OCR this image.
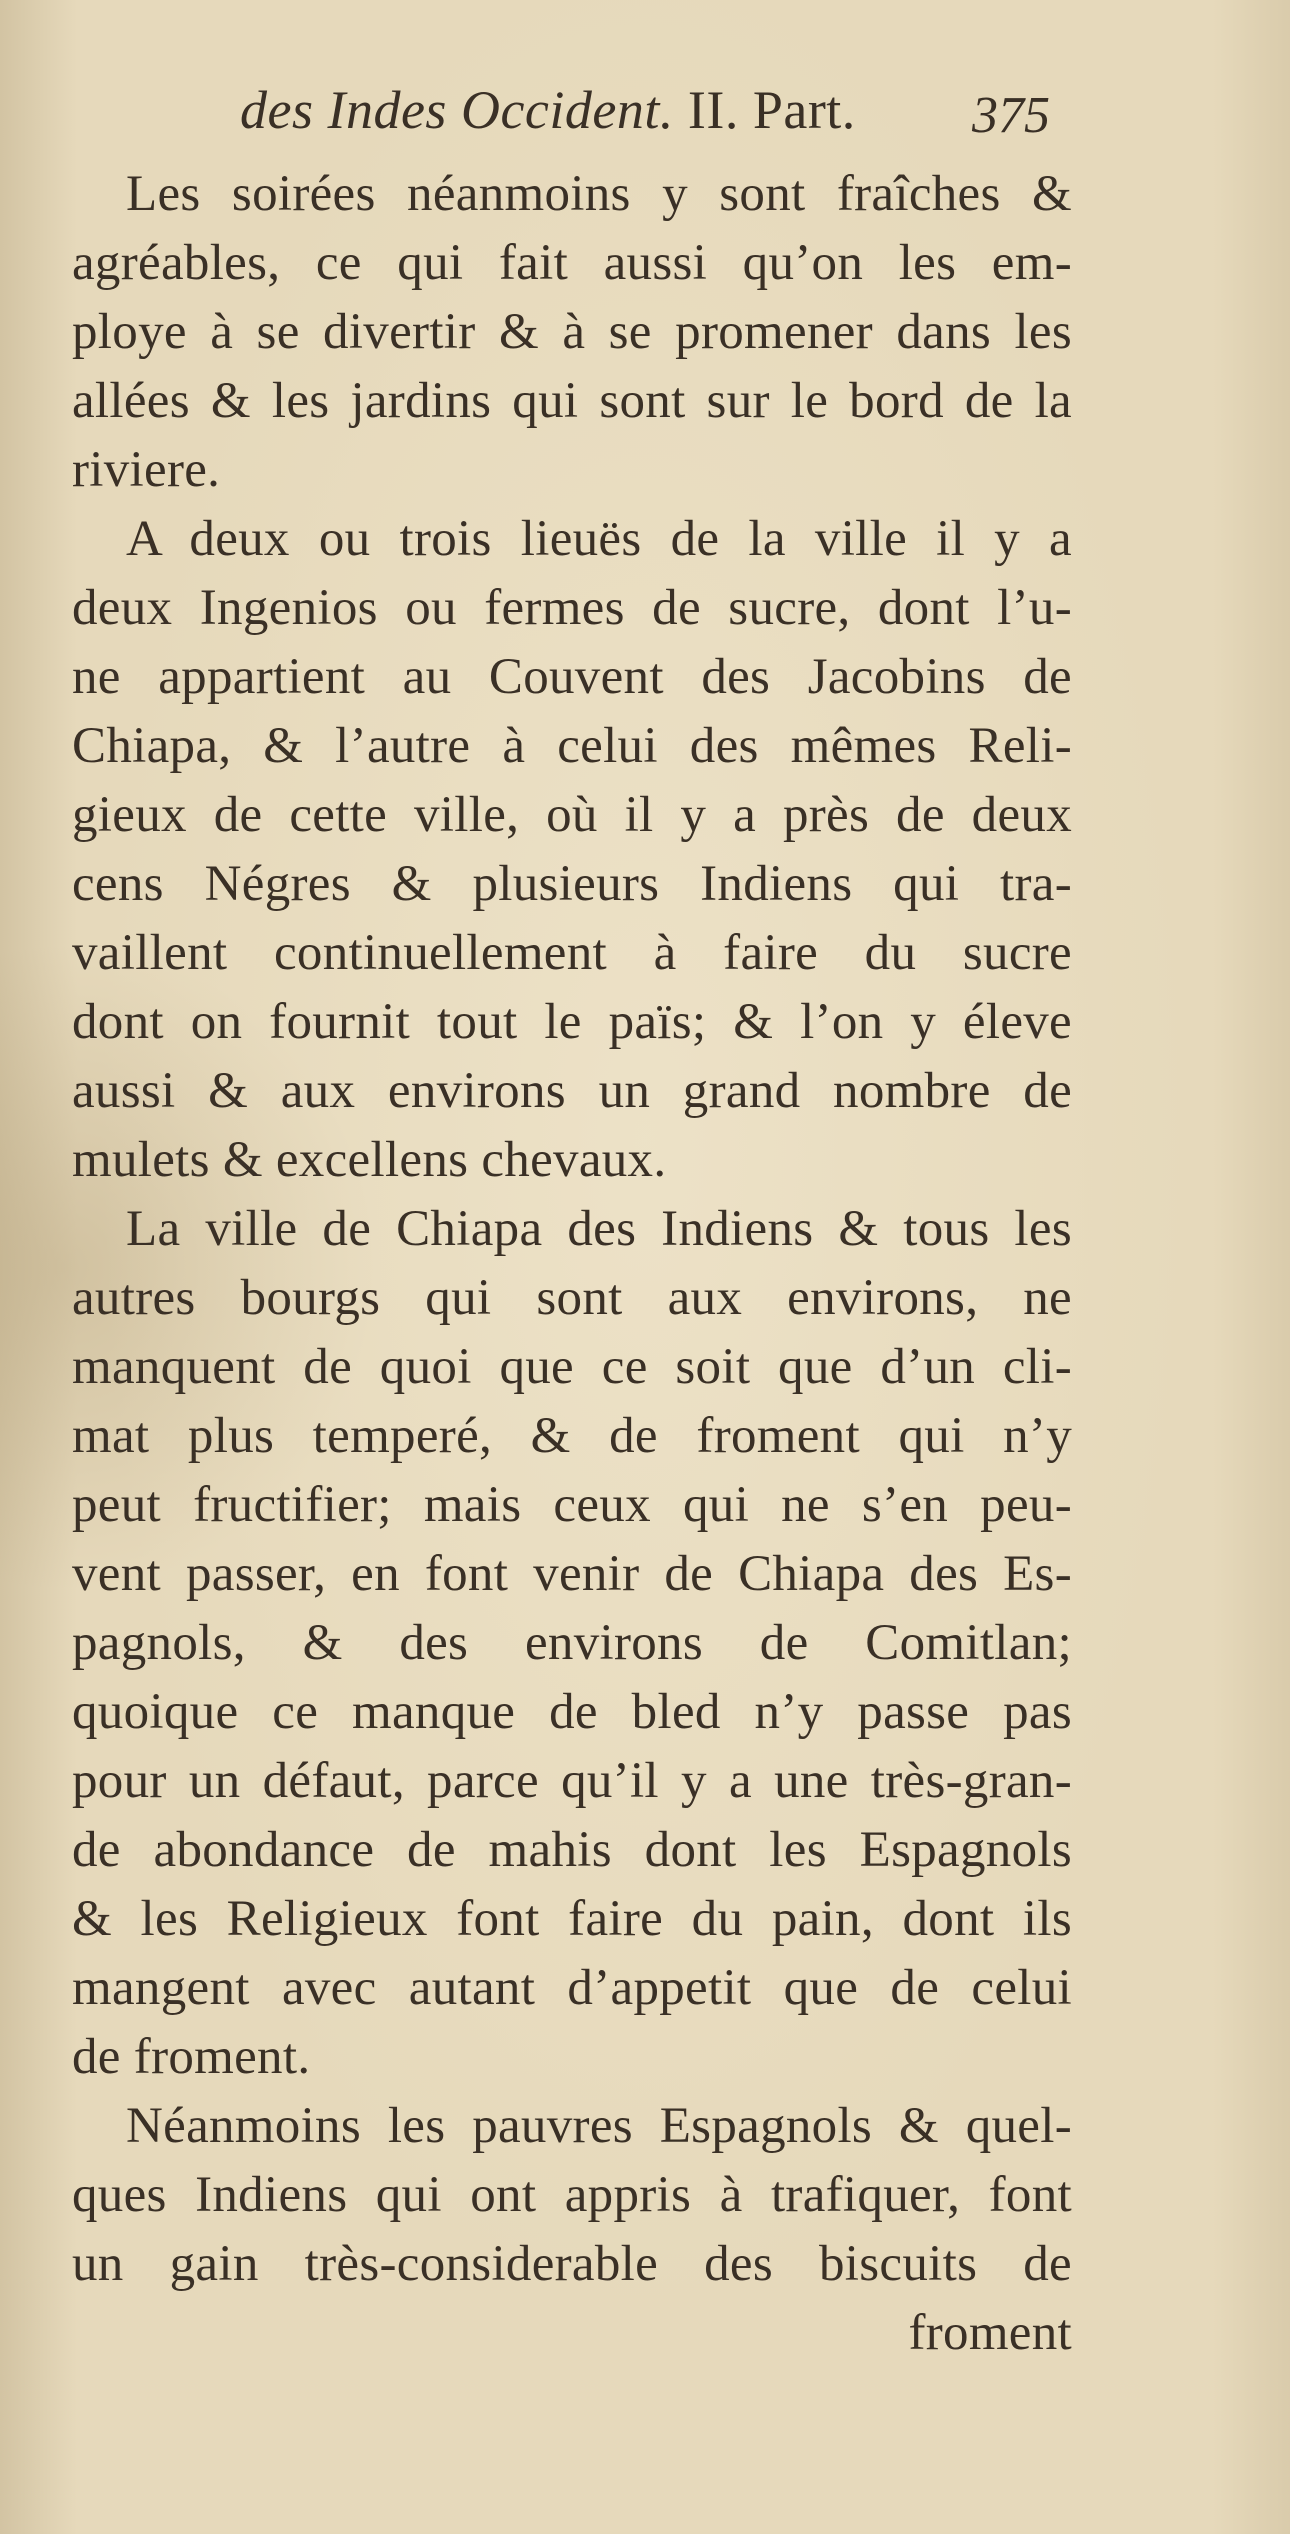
des Indes Occident. II. Part. 375
Les soirées néanmoins y sont fraîches &
agréables, ce qui fait aussi qu’on les em-
ploye à se divertir & à se promener dans les
allées & les jardins qui sont sur le bord de la
riviere.
A deux ou trois lieuës de la ville il y a
deux Ingenios ou fermes de sucre, dont l’u-
ne appartient au Couvent des Jacobins de
Chiapa, & l’autre à celui des mêmes Reli-
gieux de cette ville, où il y a près de deux
cens Négres & plusieurs Indiens qui tra-
vaillent continuellement à faire du sucre
dont on fournit tout le païs; & l’on y éleve
aussi & aux environs un grand nombre de
mulets & excellens chevaux.
La ville de Chiapa des Indiens & tous les
autres bourgs qui sont aux environs, ne
manquent de quoi que ce soit que d’un cli-
mat plus temperé, & de froment qui n’y
peut fructifier; mais ceux qui ne s’en peu-
vent passer, en font venir de Chiapa des Es-
pagnols, & des environs de Comitlan;
quoique ce manque de bled n’y passe pas
pour un défaut, parce qu’il y a une très-gran-
de abondance de mahis dont les Espagnols
& les Religieux font faire du pain, dont ils
mangent avec autant d’appetit que de celui
de froment.
Néanmoins les pauvres Espagnols & quel-
ques Indiens qui ont appris à trafiquer, font
un gain très-considerable des biscuits de
froment
